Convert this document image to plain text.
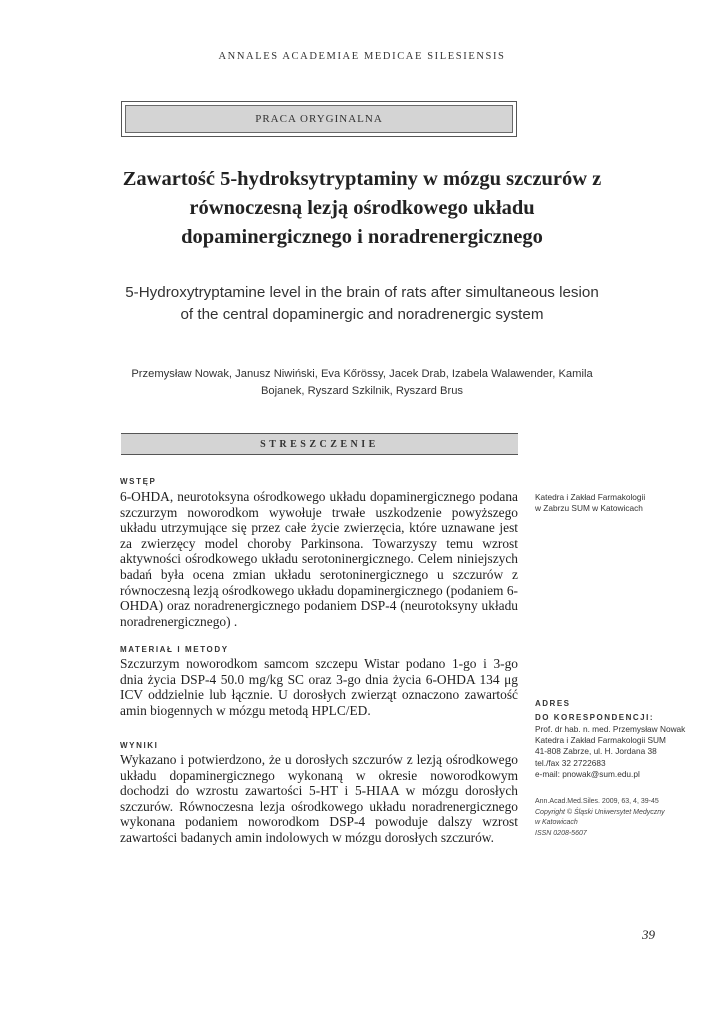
ANNALES ACADEMIAE MEDICAE SILESIENSIS
PRACA ORYGINALNA
Zawartość 5-hydroksytryptaminy w mózgu szczurów z równoczesną lezją ośrodkowego układu dopaminergicznego i noradrenergicznego
5-Hydroxytryptamine level in the brain of rats after simultaneous lesion of the central dopaminergic and noradrenergic system
Przemysław Nowak, Janusz Niwiński, Eva Kőrössy, Jacek Drab, Izabela Walawender, Kamila Bojanek, Ryszard Szkilnik, Ryszard Brus
STRESZCZENIE
WSTĘP
6-OHDA, neurotoksyna ośrodkowego układu dopaminergicznego podana szczurzym noworodkom wywołuje trwałe uszkodzenie powyższego układu utrzymujące się przez całe życie zwierzęcia, które uznawane jest za zwierzęcy model choroby Parkinsona. Towarzyszy temu wzrost aktywności ośrodkowego układu serotoninergicznego. Celem niniejszych badań była ocena zmian układu serotoninergicznego u szczurów z równoczesną lezją ośrodkowego układu dopaminergicznego (podaniem 6-OHDA) oraz noradrenergicznego podaniem DSP-4 (neurotoksyny układu noradrenergicznego) .
MATERIAŁ I METODY
Szczurzym noworodkom samcom szczepu Wistar podano 1-go i 3-go dnia życia DSP-4 50.0 mg/kg SC oraz 3-go dnia życia 6-OHDA 134 μg ICV oddzielnie lub łącznie. U dorosłych zwierząt oznaczono zawartość amin biogennych w mózgu metodą HPLC/ED.
WYNIKI
Wykazano i potwierdzono, że u dorosłych szczurów z lezją ośrodkowego układu dopaminergicznego wykonaną w okresie noworodkowym dochodzi do wzrostu zawartości 5-HT i 5-HIAA w mózgu dorosłych szczurów. Równoczesna lezja ośrodkowego układu noradrenergicznego wykonana podaniem noworodkom DSP-4 powoduje dalszy wzrost zawartości badanych amin indolowych w mózgu dorosłych szczurów.
Katedra i Zakład Farmakologii
w Zabrzu SUM w Katowicach
ADRES
DO KORESPONDENCJI:
Prof. dr hab. n. med. Przemysław Nowak
Katedra i Zakład Farmakologii SUM
41-808 Zabrze, ul. H. Jordana 38
tel./fax 32 2722683
e-mail: pnowak@sum.edu.pl
Ann.Acad.Med.Siles. 2009, 63, 4, 39-45
Copyright © Śląski Uniwersytet Medyczny
w Katowicach
ISSN 0208-5607
39
